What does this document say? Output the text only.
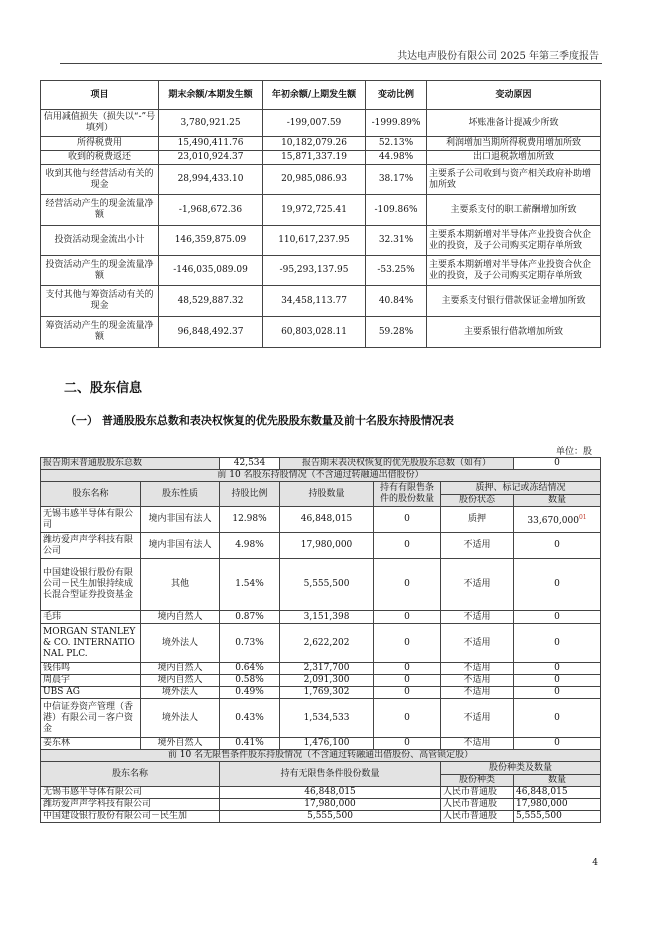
共达电声股份有限公司 2025 年第三季度报告
项目	期末余额/本期发生额	年初余额/上期发生额	变动比例	变动原因
信用减值损失（损失以“-”号填列）	3,780,921.25	-199,007.59	-1999.89%	坏账准备计提减少所致
所得税费用	15,490,411.76	10,182,079.26	52.13%	利润增加当期所得税费用增加所致
收到的税费返还	23,010,924.37	15,871,337.19	44.98%	出口退税款增加所致
收到其他与经营活动有关的现金	28,994,433.10	20,985,086.93	38.17%	主要系子公司收到与资产相关政府补助增加所致
经营活动产生的现金流量净额	-1,968,672.36	19,972,725.41	-109.86%	主要系支付的职工薪酬增加所致
投资活动现金流出小计	146,359,875.09	110,617,237.95	32.31%	主要系本期新增对半导体产业投资合伙企业的投资，及子公司购买定期存单所致
投资活动产生的现金流量净额	-146,035,089.09	-95,293,137.95	-53.25%	主要系本期新增对半导体产业投资合伙企业的投资，及子公司购买定期存单所致
支付其他与筹资活动有关的现金	48,529,887.32	34,458,113.77	40.84%	主要系支付银行借款保证金增加所致
筹资活动产生的现金流量净额	96,848,492.37	60,803,028.11	59.28%	主要系银行借款增加所致
二、股东信息
（一） 普通股股东总数和表决权恢复的优先股股东数量及前十名股东持股情况表
单位：股
报告期末普通股股东总数		42,534	报告期末表决权恢复的优先股股东总数（如有）			0
前 10 名股东持股情况（不含通过转融通出借股份）						
股东名称	股东性质	持股比例	持股数量	持有有限售条件的股份数量	质押、标记或冻结情况	
					股份状态	数量
无锡韦感半导体有限公司	境内非国有法人	12.98%	46,848,015	0	质押	33,670,000$^{01}$
潍坊爱声声学科技有限公司	境内非国有法人	4.98%	17,980,000	0	不适用	0
中国建设银行股份有限公司－民生加银持续成长混合型证券投资基金	其他	1.54%	5,555,500	0	不适用	0
毛玮	境内自然人	0.87%	3,151,398	0	不适用	0
MORGAN STANLEY & CO. INTERNATIONAL PLC.	境外法人	0.73%	2,622,202	0	不适用	0
钱伟鸣	境内自然人	0.64%	2,317,700	0	不适用	0
周晨宇	境内自然人	0.58%	2,091,300	0	不适用	0
UBS AG	境外法人	0.49%	1,769,302	0	不适用	0
中信证券资产管理（香港）有限公司－客户资金	境外法人	0.43%	1,534,533	0	不适用	0
姜东林	境外自然人	0.41%	1,476,100	0	不适用	0
前 10 名无限售条件股东持股情况（不含通过转融通出借股份、高管锁定股）						
股东名称		持有无限售条件股份数量			股份种类及数量	
					股份种类	数量
无锡韦感半导体有限公司		46,848,015			人民币普通股	46,848,015
潍坊爱声声学科技有限公司		17,980,000			人民币普通股	17,980,000
中国建设银行股份有限公司－民生加		5,555,500			人民币普通股	5,555,500
4
